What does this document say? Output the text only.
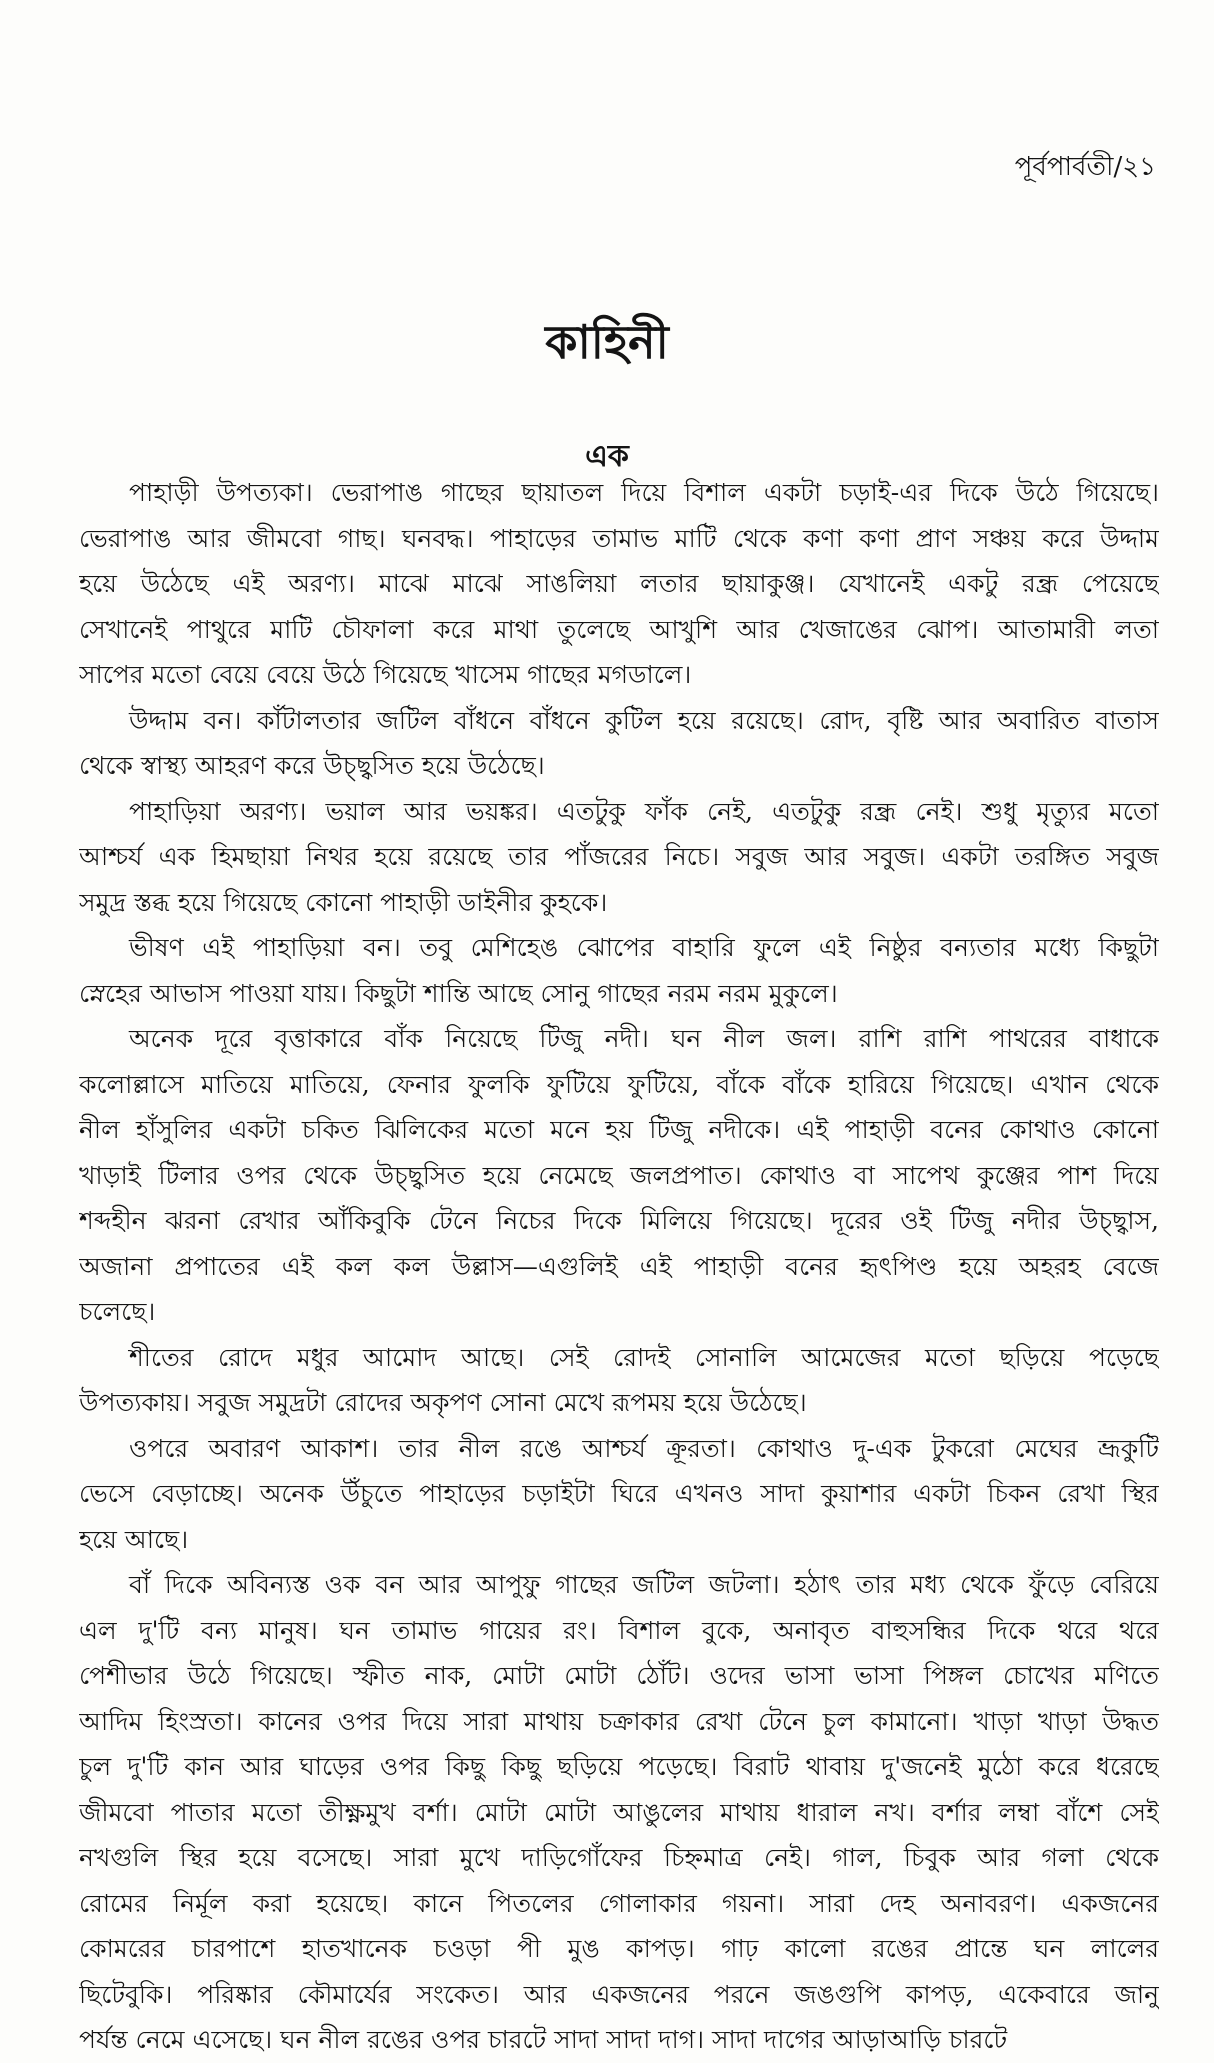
পূর্বপার্বতী/২১
কাহিনী
এক
পাহাড়ী উপত্যকা। ভেরাপাঙ গাছের ছায়াতল দিয়ে বিশাল একটা চড়াই-এর দিকে উঠে গিয়েছে।
ভেরাপাঙ আর জীমবো গাছ। ঘনবদ্ধ। পাহাড়ের তামাভ মাটি থেকে কণা কণা প্রাণ সঞ্চয় করে উদ্দাম
হয়ে উঠেছে এই অরণ্য। মাঝে মাঝে সাঙলিয়া লতার ছায়াকুঞ্জ। যেখানেই একটু রন্ধ্র পেয়েছে
সেখানেই পাথুরে মাটি চৌফালা করে মাথা তুলেছে আখুশি আর খেজাঙের ঝোপ। আতামারী লতা
সাপের মতো বেয়ে বেয়ে উঠে গিয়েছে খাসেম গাছের মগডালে।
উদ্দাম বন। কাঁটালতার জটিল বাঁধনে বাঁধনে কুটিল হয়ে রয়েছে। রোদ, বৃষ্টি আর অবারিত বাতাস
থেকে স্বাস্থ্য আহরণ করে উচ্ছ্বসিত হয়ে উঠেছে।
পাহাড়িয়া অরণ্য। ভয়াল আর ভয়ঙ্কর। এতটুকু ফাঁক নেই, এতটুকু রন্ধ্র নেই। শুধু মৃত্যুর মতো
আশ্চর্য এক হিমছায়া নিথর হয়ে রয়েছে তার পাঁজরের নিচে। সবুজ আর সবুজ। একটা তরঙ্গিত সবুজ
সমুদ্র স্তব্ধ হয়ে গিয়েছে কোনো পাহাড়ী ডাইনীর কুহকে।
ভীষণ এই পাহাড়িয়া বন। তবু মেশিহেঙ ঝোপের বাহারি ফুলে এই নিষ্ঠুর বন্যতার মধ্যে কিছুটা
স্নেহের আভাস পাওয়া যায়। কিছুটা শান্তি আছে সোনু গাছের নরম নরম মুকুলে।
অনেক দূরে বৃত্তাকারে বাঁক নিয়েছে টিজু নদী। ঘন নীল জল। রাশি রাশি পাথরের বাধাকে
কলোল্লাসে মাতিয়ে মাতিয়ে, ফেনার ফুলকি ফুটিয়ে ফুটিয়ে, বাঁকে বাঁকে হারিয়ে গিয়েছে। এখান থেকে
নীল হাঁসুলির একটা চকিত ঝিলিকের মতো মনে হয় টিজু নদীকে। এই পাহাড়ী বনের কোথাও কোনো
খাড়াই টিলার ওপর থেকে উচ্ছ্বসিত হয়ে নেমেছে জলপ্রপাত। কোথাও বা সাপেথ কুঞ্জের পাশ দিয়ে
শব্দহীন ঝরনা রেখার আঁকিবুকি টেনে নিচের দিকে মিলিয়ে গিয়েছে। দূরের ওই টিজু নদীর উচ্ছ্বাস,
অজানা প্রপাতের এই কল কল উল্লাস—এগুলিই এই পাহাড়ী বনের হৃৎপিণ্ড হয়ে অহরহ বেজে
চলেছে।
শীতের রোদে মধুর আমোদ আছে। সেই রোদই সোনালি আমেজের মতো ছড়িয়ে পড়েছে
উপত্যকায়। সবুজ সমুদ্রটা রোদের অকৃপণ সোনা মেখে রূপময় হয়ে উঠেছে।
ওপরে অবারণ আকাশ। তার নীল রঙে আশ্চর্য ক্রূরতা। কোথাও দু-এক টুকরো মেঘের ভ্রূকুটি
ভেসে বেড়াচ্ছে। অনেক উঁচুতে পাহাড়ের চড়াইটা ঘিরে এখনও সাদা কুয়াশার একটা চিকন রেখা স্থির
হয়ে আছে।
বাঁ দিকে অবিন্যস্ত ওক বন আর আপুফু গাছের জটিল জটলা। হঠাৎ তার মধ্য থেকে ফুঁড়ে বেরিয়ে
এল দু'টি বন্য মানুষ। ঘন তামাভ গায়ের রং। বিশাল বুকে, অনাবৃত বাহুসন্ধির দিকে থরে থরে
পেশীভার উঠে গিয়েছে। স্ফীত নাক, মোটা মোটা ঠোঁট। ওদের ভাসা ভাসা পিঙ্গল চোখের মণিতে
আদিম হিংস্রতা। কানের ওপর দিয়ে সারা মাথায় চক্রাকার রেখা টেনে চুল কামানো। খাড়া খাড়া উদ্ধত
চুল দু'টি কান আর ঘাড়ের ওপর কিছু কিছু ছড়িয়ে পড়েছে। বিরাট থাবায় দু'জনেই মুঠো করে ধরেছে
জীমবো পাতার মতো তীক্ষ্ণমুখ বর্শা। মোটা মোটা আঙুলের মাথায় ধারাল নখ। বর্শার লম্বা বাঁশে সেই
নখগুলি স্থির হয়ে বসেছে। সারা মুখে দাড়িগোঁফের চিহ্নমাত্র নেই। গাল, চিবুক আর গলা থেকে
রোমের নির্মূল করা হয়েছে। কানে পিতলের গোলাকার গয়না। সারা দেহ অনাবরণ। একজনের
কোমরের চারপাশে হাতখানেক চওড়া পী মুঙ কাপড়। গাঢ় কালো রঙের প্রান্তে ঘন লালের
ছিটেবুকি। পরিষ্কার কৌমার্যের সংকেত। আর একজনের পরনে জঙগুপি কাপড়, একেবারে জানু
পর্যন্ত নেমে এসেছে। ঘন নীল রঙের ওপর চারটে সাদা সাদা দাগ। সাদা দাগের আড়াআড়ি চারটে
